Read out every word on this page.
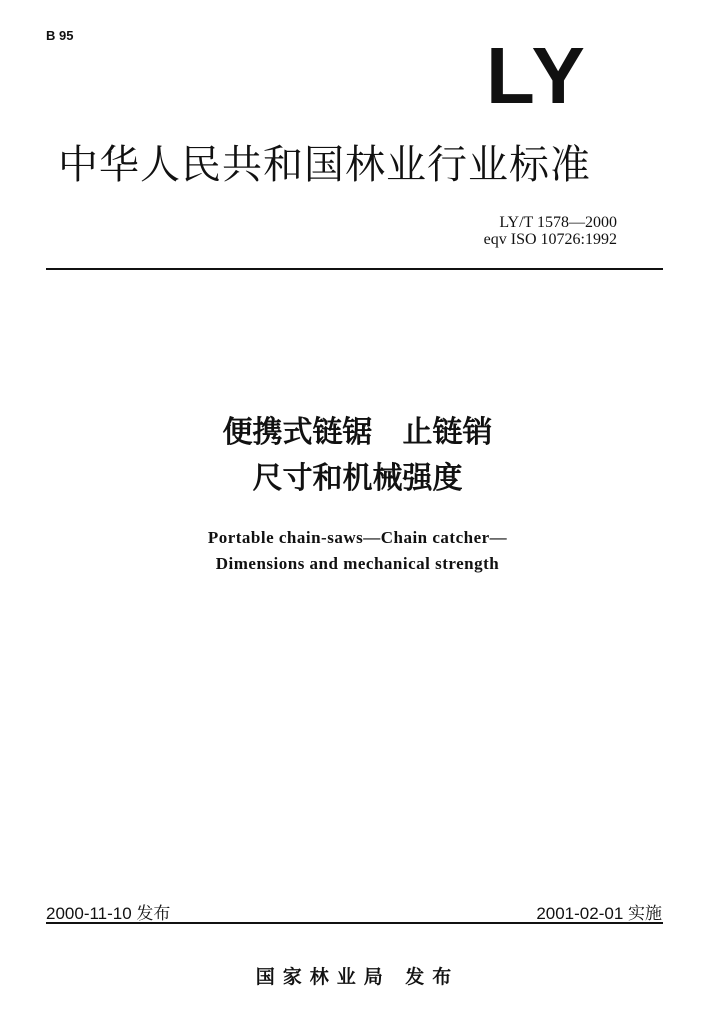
B 95	LY
中华人民共和国林业行业标准
LY/T 1578—2000
eqv ISO 10726:1992
便携式链锯　止链销
尺寸和机械强度
Portable chain-saws—Chain catcher—
Dimensions and mechanical strength
2000-11-10 发布	2001-02-01 实施
国家林业局 发布
